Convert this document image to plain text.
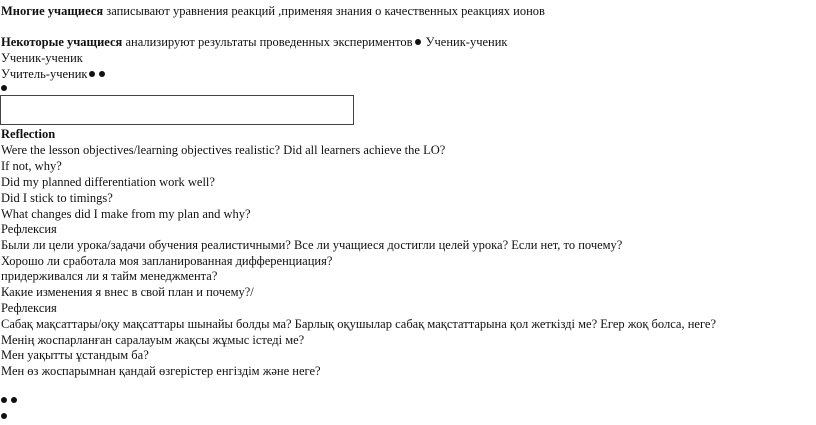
Многие учащиеся записывают уравнения реакций ,применяя знания о качественных реакциях ионов
Некоторые учащиеся анализируют результаты проведенных экспериментов Ученик-ученик
Ученик-ученик
Учитель-ученик
Reflection
Were the lesson objectives/learning objectives realistic? Did all learners achieve the LO?
If not, why?
Did my planned differentiation work well?
Did I stick to timings?
What changes did I make from my plan and why?
Рефлексия
Были ли цели урока/задачи обучения реалистичными? Все ли учащиеся достигли целей урока? Если нет, то почему?
Хорошо ли сработала моя запланированная дифференциация?
придерживался ли я тайм менеджмента?
Какие изменения я внес в свой план и почему?/
Рефлексия
Сабақ мақсаттары/оқу мақсаттары шынайы болды ма? Барлық оқушылар сабақ мақстаттарына қол жеткізді ме? Егер жоқ болса, неге?
Менің жоспарланған саралауым жақсы жұмыс істеді ме?
Мен уақытты ұстандым ба?
Мен өз жоспарымнан қандай өзгерістер енгіздім және неге?
